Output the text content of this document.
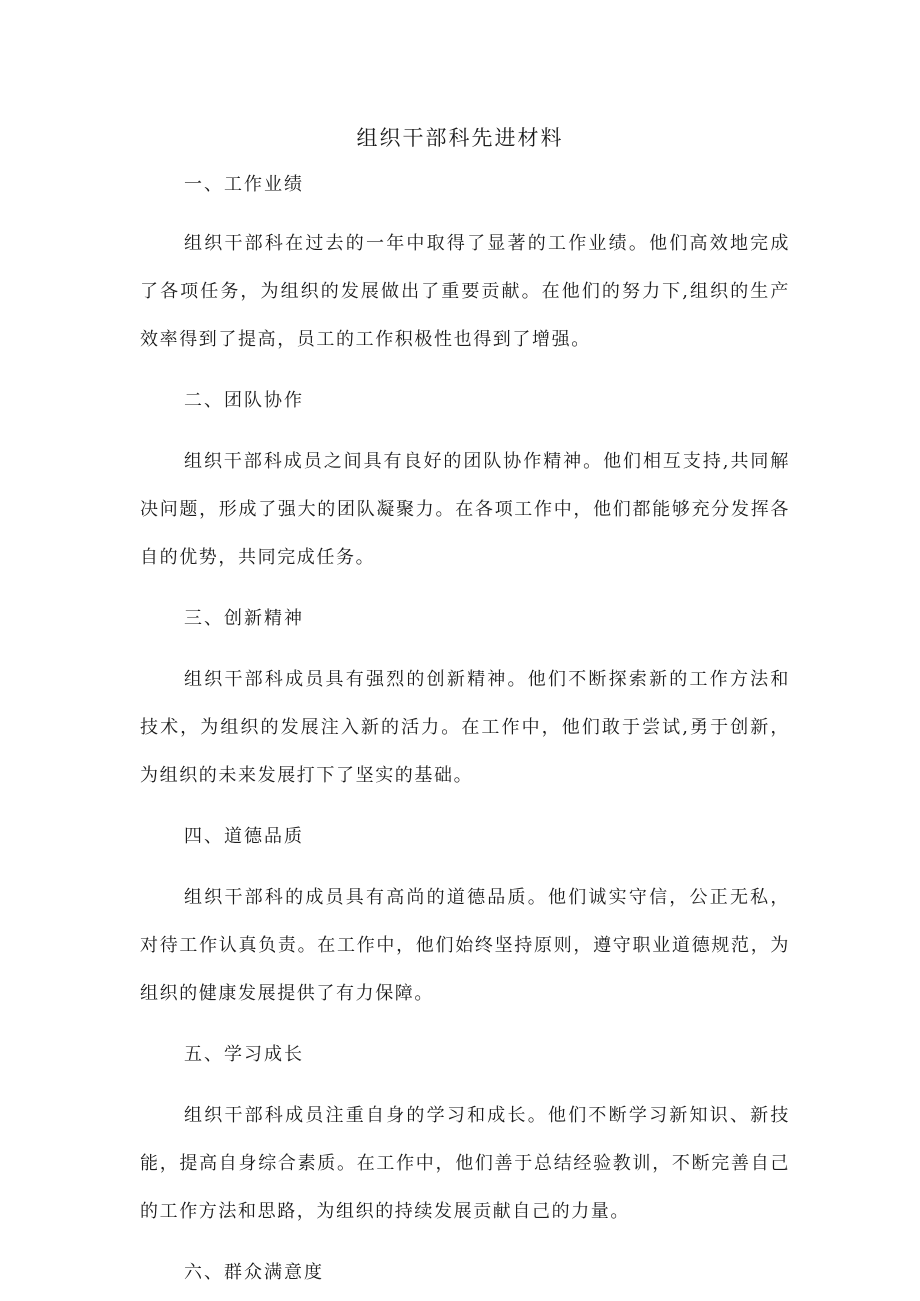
组织干部科先进材料
一、工作业绩

组织干部科在过去的一年中取得了显著的工作业绩。他们高效地完成了各项任务，为组织的发展做出了重要贡献。在他们的努力下,组织的生产效率得到了提高，员工的工作积极性也得到了增强。

二、团队协作

组织干部科成员之间具有良好的团队协作精神。他们相互支持,共同解决问题，形成了强大的团队凝聚力。在各项工作中，他们都能够充分发挥各自的优势，共同完成任务。

三、创新精神

组织干部科成员具有强烈的创新精神。他们不断探索新的工作方法和技术，为组织的发展注入新的活力。在工作中，他们敢于尝试,勇于创新，为组织的未来发展打下了坚实的基础。

四、道德品质

组织干部科的成员具有高尚的道德品质。他们诚实守信，公正无私，对待工作认真负责。在工作中，他们始终坚持原则，遵守职业道德规范，为组织的健康发展提供了有力保障。

五、学习成长

组织干部科成员注重自身的学习和成长。他们不断学习新知识、新技能，提高自身综合素质。在工作中，他们善于总结经验教训，不断完善自己的工作方法和思路，为组织的持续发展贡献自己的力量。

六、群众满意度
